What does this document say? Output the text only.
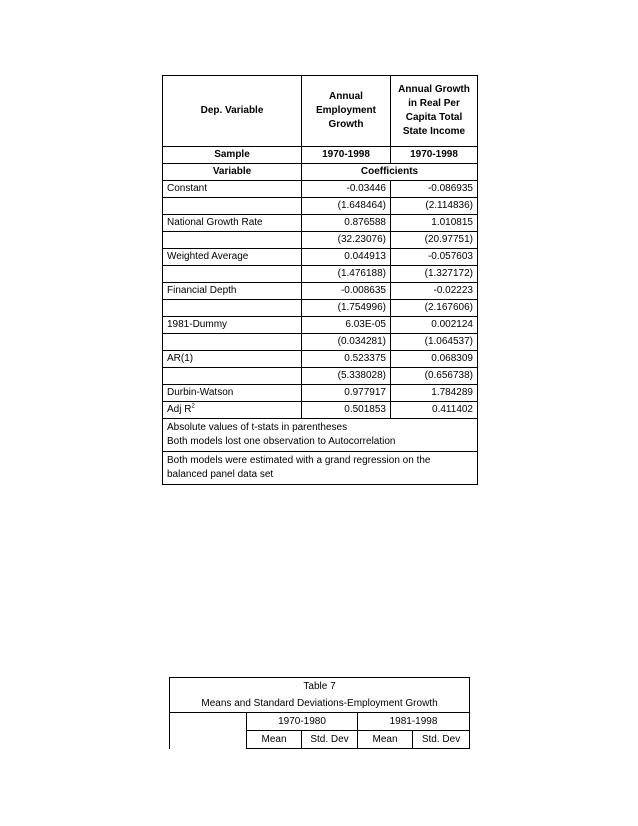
Dep. Variable	Annual Employment Growth	Annual Growth in Real Per Capita Total State Income
Sample	1970-1998	1970-1998
Variable	Coefficients	
Constant	-0.03446	-0.086935
	(1.648464)	(2.114836)
National Growth Rate	0.876588	1.010815
	(32.23076)	(20.97751)
Weighted Average	0.044913	-0.057603
	(1.476188)	(1.327172)
Financial Depth	-0.008635	-0.02223
	(1.754996)	(2.167606)
1981-Dummy	6.03E-05	0.002124
	(0.034281)	(1.064537)
AR(1)	0.523375	0.068309
	(5.338028)	(0.656738)
Durbin-Watson	0.977917	1.784289
Adj $R^2$	0.501853	0.411402

Absolute values of t-stats in parentheses
Both models lost one observation to Autocorrelation		

Both models were estimated with a grand regression on the balanced panel data set		
Table 7				
Means and Standard Deviations-Employment Growth				
	1970-1980		1981-1998	
	Mean	Std. Dev	Mean	Std. Dev
